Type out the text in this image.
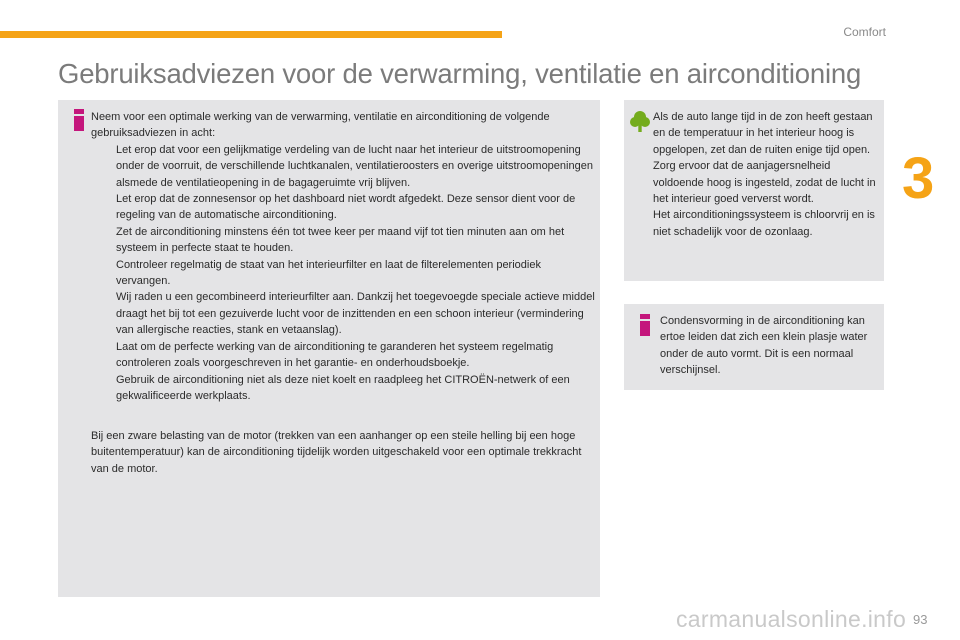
Comfort
3
Gebruiksadviezen voor de verwarming, ventilatie en airconditioning
Neem voor een optimale werking van de verwarming, ventilatie en airconditioning de volgende gebruiksadviezen in acht:
Let erop dat voor een gelijkmatige verdeling van de lucht naar het interieur de uitstroomopening onder de voorruit, de verschillende luchtkanalen, ventilatieroosters en overige uitstroomopeningen alsmede de ventilatieopening in de bagageruimte vrij blijven.
Let erop dat de zonnesensor op het dashboard niet wordt afgedekt. Deze sensor dient voor de regeling van de automatische airconditioning.
Zet de airconditioning minstens één tot twee keer per maand vijf tot tien minuten aan om het systeem in perfecte staat te houden.
Controleer regelmatig de staat van het interieurfilter en laat de filterelementen periodiek vervangen.
Wij raden u een gecombineerd interieurfilter aan. Dankzij het toegevoegde speciale actieve middel draagt het bij tot een gezuiverde lucht voor de inzittenden en een schoon interieur (vermindering van allergische reacties, stank en vetaanslag).
Laat om de perfecte werking van de airconditioning te garanderen het systeem regelmatig controleren zoals voorgeschreven in het garantie- en onderhoudsboekje.
Gebruik de airconditioning niet als deze niet koelt en raadpleeg het CITROËN-netwerk of een gekwalificeerde werkplaats.
Bij een zware belasting van de motor (trekken van een aanhanger op een steile helling bij een hoge buitentemperatuur) kan de airconditioning tijdelijk worden uitgeschakeld voor een optimale trekkracht van de motor.

Als de auto lange tijd in de zon heeft gestaan en de temperatuur in het interieur hoog is opgelopen, zet dan de ruiten enige tijd open.

Zorg ervoor dat de aanjagersnelheid voldoende hoog is ingesteld, zodat de lucht in het interieur goed ververst wordt.

Het airconditioningssysteem is chloorvrij en is niet schadelijk voor de ozonlaag.

Condensvorming in de airconditioning kan ertoe leiden dat zich een klein plasje water onder de auto vormt. Dit is een normaal verschijnsel.
carmanualsonline.info 93
